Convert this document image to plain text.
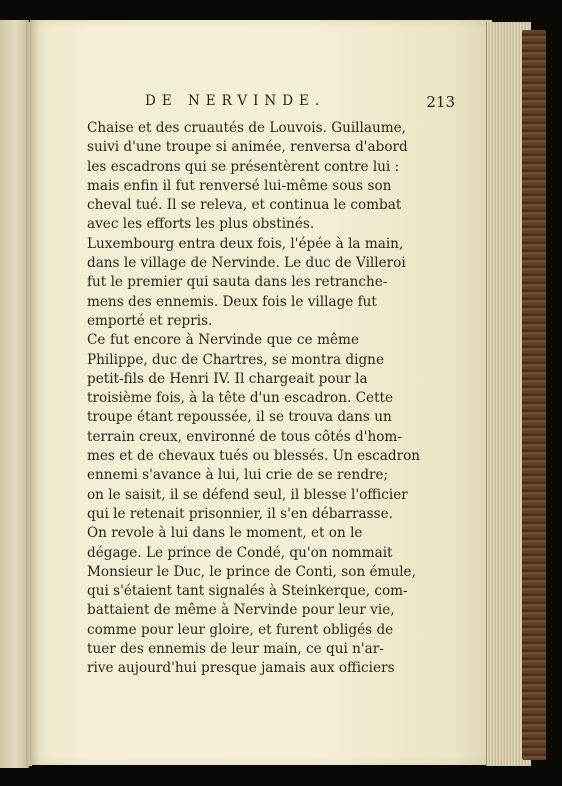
DE NERVINDE.	213
Chaise et des cruautés de Louvois. Guillaume,
suivi d'une troupe si animée, renversa d'abord
les escadrons qui se présentèrent contre lui :
mais enfin il fut renversé lui-même sous son
cheval tué. Il se releva, et continua le combat
avec les efforts les plus obstinés.
Luxembourg entra deux fois, l'épée à la main,
dans le village de Nervinde. Le duc de Villeroi
fut le premier qui sauta dans les retranche-
mens des ennemis. Deux fois le village fut
emporté et repris.
Ce fut encore à Nervinde que ce même
Philippe, duc de Chartres, se montra digne
petit-fils de Henri IV. Il chargeait pour la
troisième fois, à la tête d'un escadron. Cette
troupe étant repoussée, il se trouva dans un
terrain creux, environné de tous côtés d'hom-
mes et de chevaux tués ou blessés. Un escadron
ennemi s'avance à lui, lui crie de se rendre;
on le saisit, il se défend seul, il blesse l'officier
qui le retenait prisonnier, il s'en débarrasse.
On revole à lui dans le moment, et on le
dégage. Le prince de Condé, qu'on nommait
Monsieur le Duc, le prince de Conti, son émule,
qui s'étaient tant signalés à Steinkerque, com-
battaient de même à Nervinde pour leur vie,
comme pour leur gloire, et furent obligés de
tuer des ennemis de leur main, ce qui n'ar-
rive aujourd'hui presque jamais aux officiers
